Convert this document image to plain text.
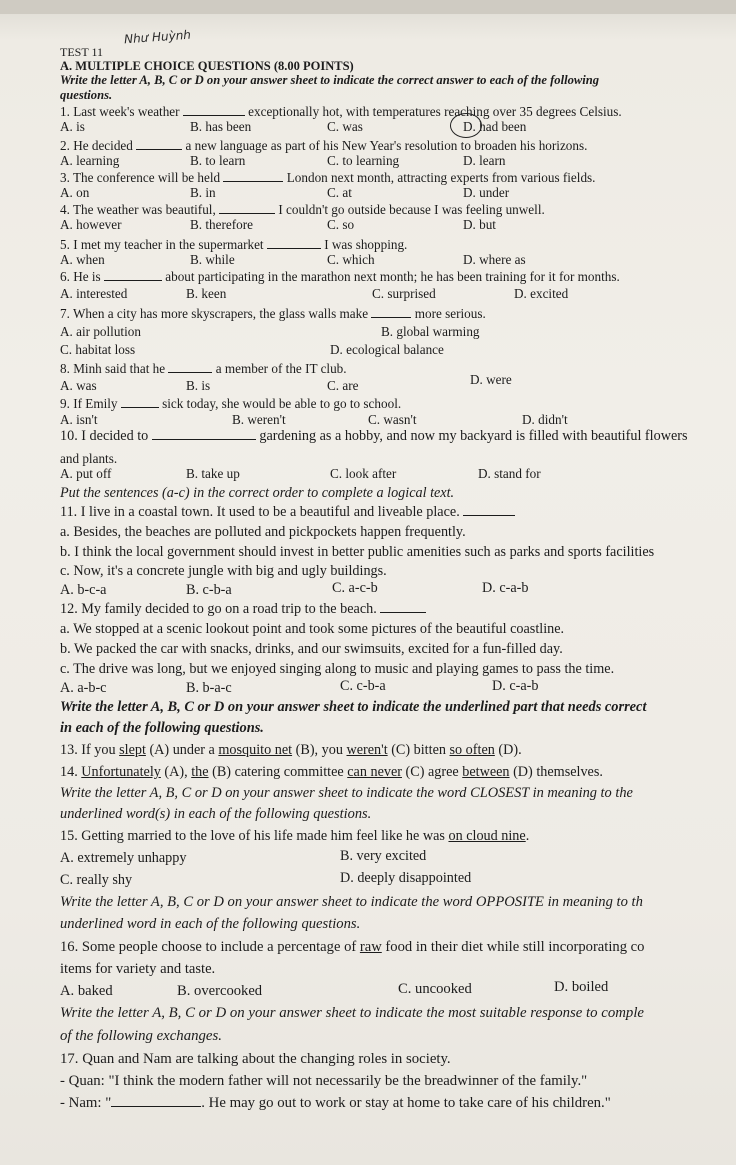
Như Huỳnh
TEST 11
A. MULTIPLE CHOICE QUESTIONS (8.00 POINTS)
Write the letter A, B, C or D on your answer sheet to indicate the correct answer to each of the following
questions.
1. Last week's weather	exceptionally hot, with temperatures reaching over 35 degrees Celsius.
A. is	B. has been	C. was	D. had been
2. He decided	a new language as part of his New Year's resolution to broaden his horizons.
A. learning	B. to learn	C. to learning	D. learn
3. The conference will be held	London next month, attracting experts from various fields.
A. on	B. in	C. at	D. under
4. The weather was beautiful,	I couldn't go outside because I was feeling unwell.
A. however	B. therefore	C. so	D. but
5. I met my teacher in the supermarket	I was shopping.
A. when	B. while	C. which	D. where as
6. He is	about participating in the marathon next month; he has been training for it for months.
A. interested	B. keen	C. surprised	D. excited
7. When a city has more skyscrapers, the glass walls make	more serious.
A. air pollution	B. global warming
C. habitat loss	D. ecological balance
8. Minh said that he	a member of the IT club.
A. was	B. is	C. are	D. were
9. If Emily	sick today, she would be able to go to school.
A. isn't	B. weren't	C. wasn't	D. didn't
10. I decided to	gardening as a hobby, and now my backyard is filled with beautiful flowers
and plants.
A. put off	B. take up	C. look after	D. stand for
Put the sentences (a-c) in the correct order to complete a logical text.
11. I live in a coastal town. It used to be a beautiful and liveable place.
a. Besides, the beaches are polluted and pickpockets happen frequently.
b. I think the local government should invest in better public amenities such as parks and sports facilities
c. Now, it's a concrete jungle with big and ugly buildings.
A. b-c-a	B. c-b-a	C. a-c-b	D. c-a-b
12. My family decided to go on a road trip to the beach.
a. We stopped at a scenic lookout point and took some pictures of the beautiful coastline.
b. We packed the car with snacks, drinks, and our swimsuits, excited for a fun-filled day.
c. The drive was long, but we enjoyed singing along to music and playing games to pass the time.
A. a-b-c	B. b-a-c	C. c-b-a	D. c-a-b
Write the letter A, B, C or D on your answer sheet to indicate the underlined part that needs correct
in each of the following questions.
13. If you slept (A) under a mosquito net (B), you weren't (C) bitten so often (D).
14. Unfortunately (A), the (B) catering committee can never (C) agree between (D) themselves.
Write the letter A, B, C or D on your answer sheet to indicate the word CLOSEST in meaning to the
underlined word(s) in each of the following questions.
15. Getting married to the love of his life made him feel like he was on cloud nine.
A. extremely unhappy	B. very excited
C. really shy	D. deeply disappointed
Write the letter A, B, C or D on your answer sheet to indicate the word OPPOSITE in meaning to th
underlined word in each of the following questions.
16. Some people choose to include a percentage of raw food in their diet while still incorporating co
items for variety and taste.
A. baked	B. overcooked	C. uncooked	D. boiled
Write the letter A, B, C or D on your answer sheet to indicate the most suitable response to comple
of the following exchanges.
17. Quan and Nam are talking about the changing roles in society.
- Quan: "I think the modern father will not necessarily be the breadwinner of the family."
- Nam: "	. He may go out to work or stay at home to take care of his children."
